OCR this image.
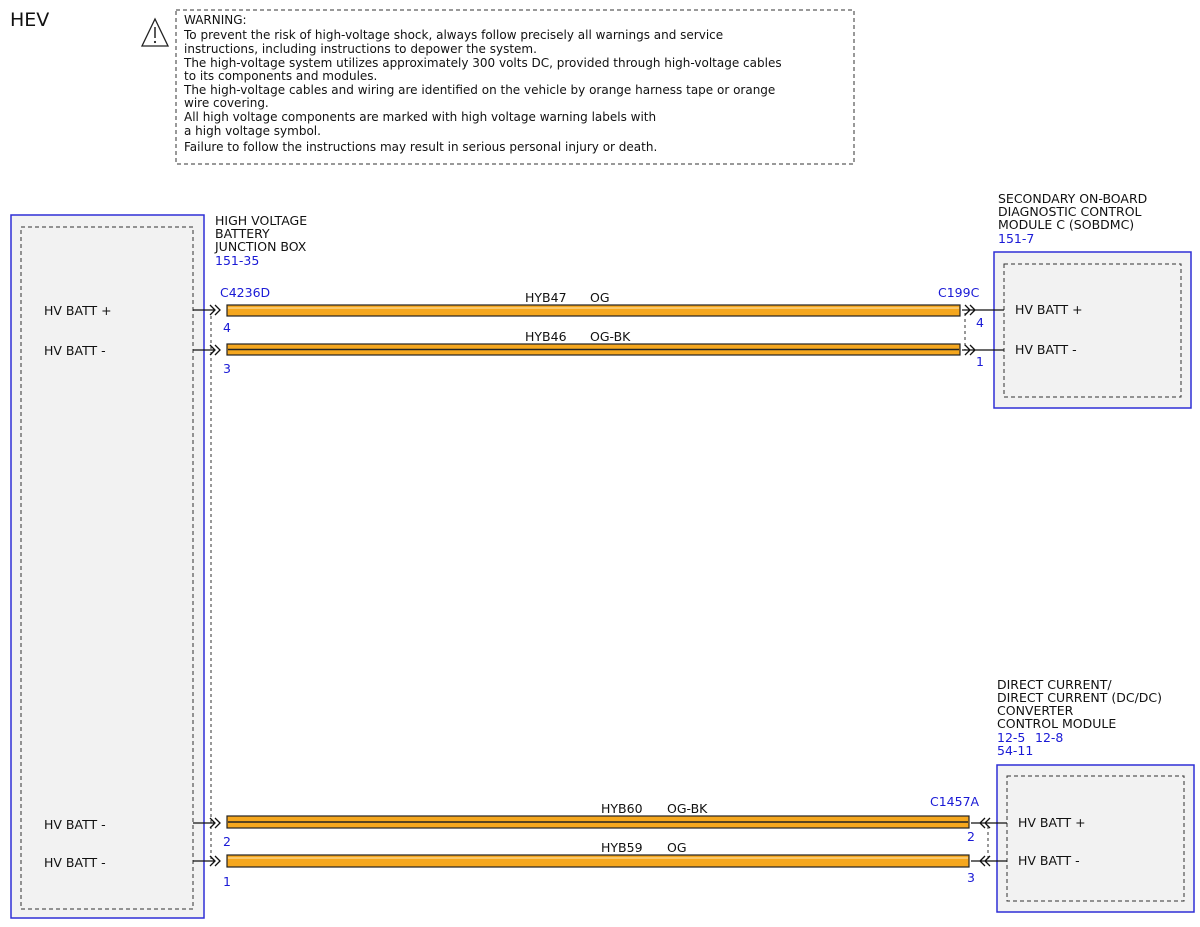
HEV	WARNING:
To prevent the risk of high-voltage shock, always follow precisely all warnings and service
instructions, including instructions to depower the system.
The high-voltage system utilizes approximately 300 volts DC, provided through high-voltage cables
to its components and modules.
The high-voltage cables and wiring are identified on the vehicle by orange harness tape or orange
wire covering.
All high voltage components are marked with high voltage warning labels with
a high voltage symbol.
Failure to follow the instructions may result in serious personal injury or death.
HIGH VOLTAGE
BATTERY
JUNCTION BOX
151-35
HV BATT +
HV BATT -
HV BATT -
HV BATT -
C4236D
4
3
2
1
SECONDARY ON-BOARD
DIAGNOSTIC CONTROL
MODULE C (SOBDMC)
151-7
HV BATT +
HV BATT -
C199C
4
1
DIRECT CURRENT/
DIRECT CURRENT (DC/DC)
CONVERTER
CONTROL MODULE
12-5 12-8
54-11
HV BATT +
HV BATT -
C1457A
2
3
HYB47 OG
HYB46 OG-BK
HYB60 OG-BK
HYB59 OG
